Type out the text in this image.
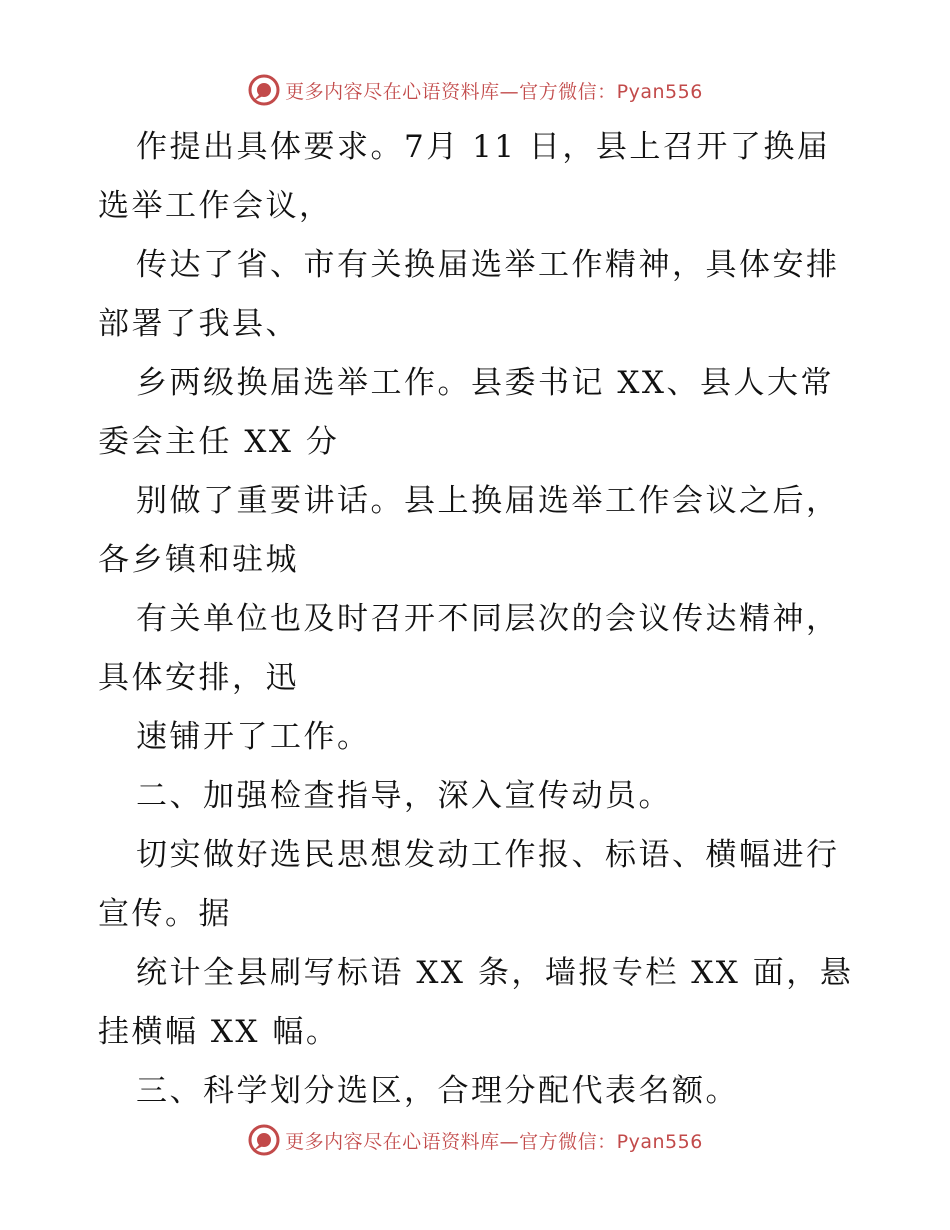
更多内容尽在心语资料库—官方微信：Pyan556
作提出具体要求。7月 11 日，县上召开了换届
选举工作会议，
传达了省、市有关换届选举工作精神，具体安排
部署了我县、
乡两级换届选举工作。县委书记 XX、县人大常
委会主任 XX 分
别做了重要讲话。县上换届选举工作会议之后，
各乡镇和驻城
有关单位也及时召开不同层次的会议传达精神，
具体安排，迅
速铺开了工作。
二、加强检查指导，深入宣传动员。
切实做好选民思想发动工作报、标语、横幅进行
宣传。据
统计全县刷写标语 XX 条，墙报专栏 XX 面，悬
挂横幅 XX 幅。
三、科学划分选区，合理分配代表名额。
更多内容尽在心语资料库—官方微信：Pyan556
